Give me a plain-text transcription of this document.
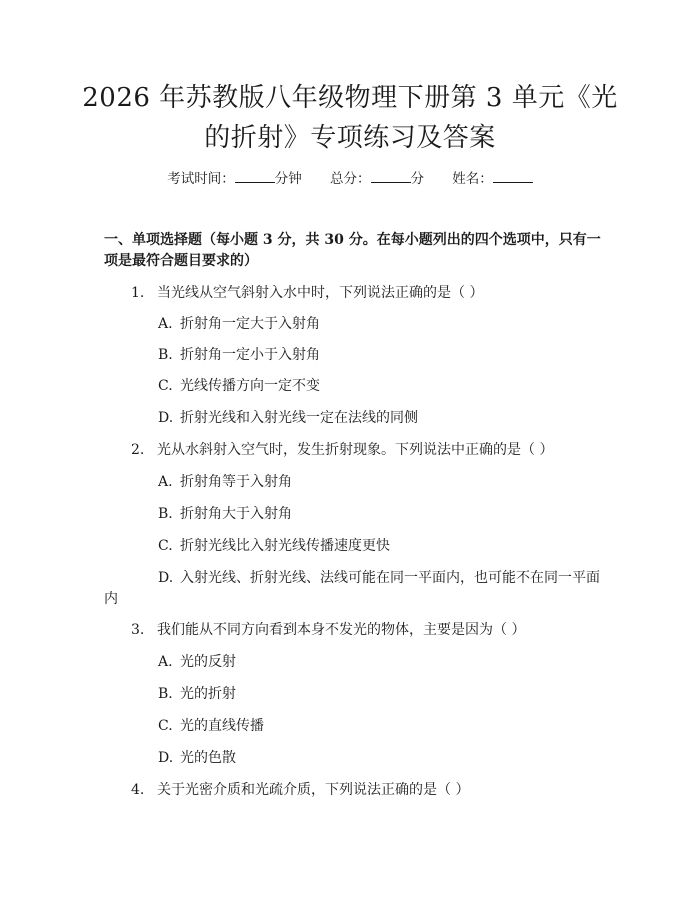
2026 年苏教版八年级物理下册第 3 单元《光
的折射》专项练习及答案
考试时间：	分钟 总分：	分 姓名：
一、单项选择题（每小题 3 分，共 30 分。在每小题列出的四个选项中，只有一项是最符合题目要求的）
1. 当光线从空气斜射入水中时，下列说法正确的是（ ）
A. 折射角一定大于入射角
B. 折射角一定小于入射角
C. 光线传播方向一定不变
D. 折射光线和入射光线一定在法线的同侧
2. 光从水斜射入空气时，发生折射现象。下列说法中正确的是（ ）
A. 折射角等于入射角
B. 折射角大于入射角
C. 折射光线比入射光线传播速度更快
D. 入射光线、折射光线、法线可能在同一平面内，也可能不在同一平面
内
3. 我们能从不同方向看到本身不发光的物体，主要是因为（ ）
A. 光的反射
B. 光的折射
C. 光的直线传播
D. 光的色散
4. 关于光密介质和光疏介质，下列说法正确的是（ ）
